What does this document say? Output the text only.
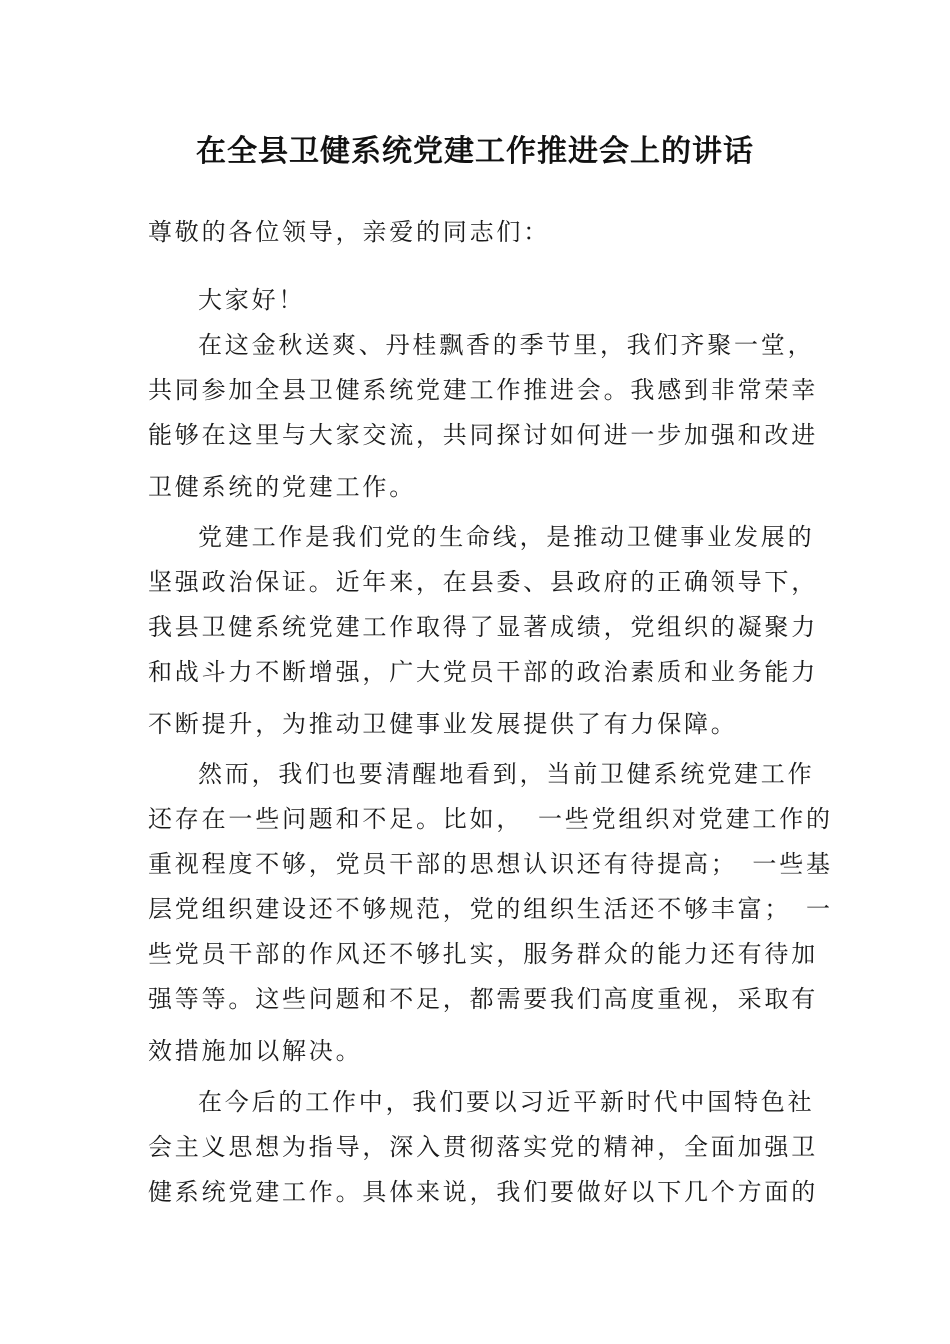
在全县卫健系统党建工作推进会上的讲话
尊敬的各位领导，亲爱的同志们：
大家好！
在这金秋送爽、丹桂飘香的季节里，我们齐聚一堂，
共同参加全县卫健系统党建工作推进会。我感到非常荣幸
能够在这里与大家交流，共同探讨如何进一步加强和改进
卫健系统的党建工作。
党建工作是我们党的生命线，是推动卫健事业发展的
坚强政治保证。近年来，在县委、县政府的正确领导下，
我县卫健系统党建工作取得了显著成绩，党组织的凝聚力
和战斗力不断增强，广大党员干部的政治素质和业务能力
不断提升，为推动卫健事业发展提供了有力保障。
然而，我们也要清醒地看到，当前卫健系统党建工作
还存在一些问题和不足。比如，　一些党组织对党建工作的
重视程度不够，党员干部的思想认识还有待提高；　一些基
层党组织建设还不够规范，党的组织生活还不够丰富；　一
些党员干部的作风还不够扎实，服务群众的能力还有待加
强等等。这些问题和不足，都需要我们高度重视，采取有
效措施加以解决。
在今后的工作中，我们要以习近平新时代中国特色社
会主义思想为指导，深入贯彻落实党的精神，全面加强卫
健系统党建工作。具体来说，我们要做好以下几个方面的
